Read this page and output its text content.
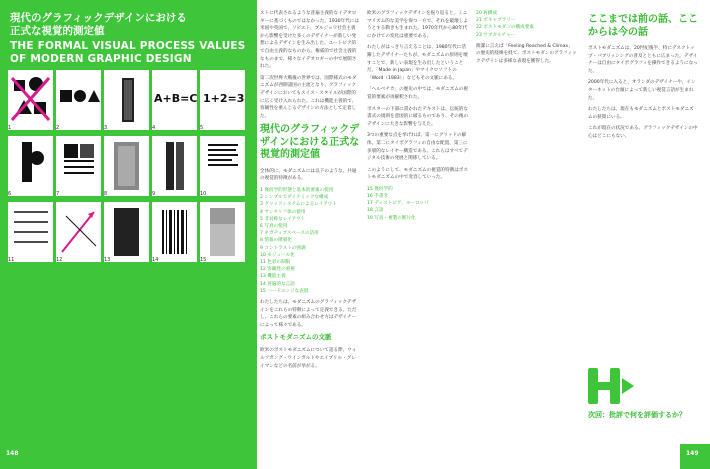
現代のグラフィックデザインにおける
正式な視覚的測定値

THE FORMAL VISUAL PROCESS VALUES
OF MODERN GRAPHIC DESIGN

1	2	3
A+B=C
4
1+2=3
5
6	7	8	9	10
11	12	13	14	15

ストに代表されるような普遍主義的なイデオロギーに基づくものではなかった。1930年代には米国や英国で、ソビエト、ブルジョワ社会主義から影響を受けた多くのデザイナーが新しい発想によるデザインを生み出した。ユートピア的で自由主義的なものから、権威的で社会主義的なものまで、様々なイデオロギーの中で展開された。

第二次世界大戦後の世界では、国際様式のモダニズムが西側諸国の主流となり、グラフィックデザインにおいてもスイス・スタイルが国際的に広く受け入れられた。これは機能主義的で、客観性を重んじるデザインの方法として定着した。

現代のグラフィックデザインにおける正式な視覚的測定値

全体的に、モダニズムには以下のような、共通の視覚的特徴がある。

1 幾何学的形態と基本的要素の使用
2 シンプルでダイナミックな構成
3 グリッドシステムによるレイアウト
4 サンセリフ体の使用
5 非対称なレイアウト
6 写真の使用
7 ネガティブスペースの活用
8 情報の階層化
9 コントラストの強調
10 モジュール化
11 色彩の制限
12 客観性の重視
13 機能主義
14 普遍的な言語
15 ハードエッジな表現

わたしたちは、モダニズムのグラフィックデザインをこれらの特徴によって定義できる。ただし、これらの要素の組み合わせ方はデザイナーによって様々である。

ポストモダニズムの文脈

欧米のポストモダニズムについて語る際、ウォルフガング・ワインガルトやエイプリル・グレイマンなどの名前が挙がる。

欧米のグラフィックデザインを振り返ると、ミニマリズム的な美学を保つ一方で、それを破壊しようとする動きも生まれた。1970年代から80年代にかけての変化は重要である。

わたしがはっきり言えることは、1980年代に活躍したデザイナーたちが、モダニズムの原則を壊すことで、新しい表現を生み出したということだ。「Made in Japan」やマイクロソフトの「Word（1983）」などもその文脈にある。

「ヘルベチカ」の歴史の中では、モダニズムの視覚的要素が再解釈された。

ポスターの下部に書かれたテキストは、伝統的な書式の規則を意図的に破るものであり、その後のデザインに大きな影響を与えた。

3つの重要な点を挙げれば、第一にグリッドの解体、第二にタイポグラフィの自由な配置、第三に多層的なレイヤー構造である。これらはすべてデジタル技術の発展と関係している。

このようにして、モダニズムの視覚的特徴はポストモダニズムの中で変容していった。

15 幾何学的
16 手書き
17 ディストピア、ヨーロッパ
18 言語
19 写真・複製の断片化
20 再構成
21 ボキャブラリー
22 ポストモダンの構成要素
23 サブカルチャー

簡潔に言えば「Feeling Reached & Climax」の歴史的経緯を経て、ポストモダンのグラフィックデザインは多様な表現を獲得した。

ここまでは前の話、ここからは今の話

ポストモダニズムは、20世紀後半、特にデスクトップ・パブリッシングの普及とともに広まった。デザイナーは自由にタイポグラフィを操作できるようになった。

2000年代に入ると、オランダのデザイナーや、インターネットの台頭によって新しい視覚言語が生まれた。

わたしたちは、現在もモダニズムとポストモダニズムの狭間にいる。

これが現在の状況である。グラフィックデザインの中心はどこにもない。

次回：批評で何を評価するか？
148	149
